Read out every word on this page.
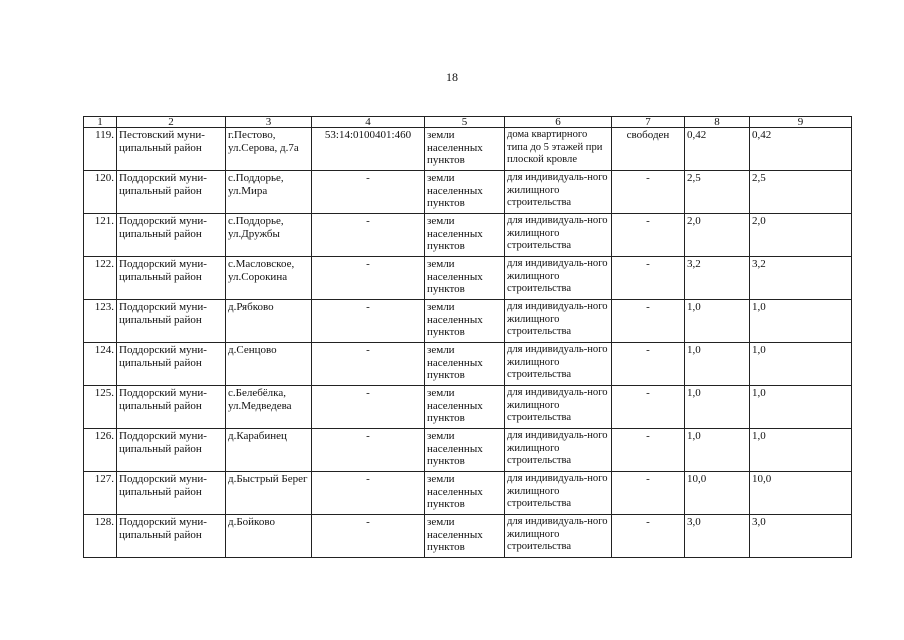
18
1	2	3	4	5	6	7	8	9
119.	Пестовский муни-ципальный район	г.Пестово, ул.Серова, д.7а	53:14:0100401:460	земли населенных пунктов	дома квартирного типа до 5 этажей при плоской кровле	свободен	0,42	0,42
120.	Поддорский муни-ципальный район	с.Поддорье, ул.Мира	-	земли населенных пунктов	для индивидуаль-ного жилищного строительства	-	2,5	2,5
121.	Поддорский муни-ципальный район	с.Поддорье, ул.Дружбы	-	земли населенных пунктов	для индивидуаль-ного жилищного строительства	-	2,0	2,0
122.	Поддорский муни-ципальный район	с.Масловское, ул.Сорокина	-	земли населенных пунктов	для индивидуаль-ного жилищного строительства	-	3,2	3,2
123.	Поддорский муни-ципальный район	д.Рябково	-	земли населенных пунктов	для индивидуаль-ного жилищного строительства	-	1,0	1,0
124.	Поддорский муни-ципальный район	д.Сенцово	-	земли населенных пунктов	для индивидуаль-ного жилищного строительства	-	1,0	1,0
125.	Поддорский муни-ципальный район	с.Белебёлка, ул.Медведева	-	земли населенных пунктов	для индивидуаль-ного жилищного строительства	-	1,0	1,0
126.	Поддорский муни-ципальный район	д.Карабинец	-	земли населенных пунктов	для индивидуаль-ного жилищного строительства	-	1,0	1,0
127.	Поддорский муни-ципальный район	д.Быстрый Берег	-	земли населенных пунктов	для индивидуаль-ного жилищного строительства	-	10,0	10,0
128.	Поддорский муни-ципальный район	д.Бойково	-	земли населенных пунктов	для индивидуаль-ного жилищного строительства	-	3,0	3,0
